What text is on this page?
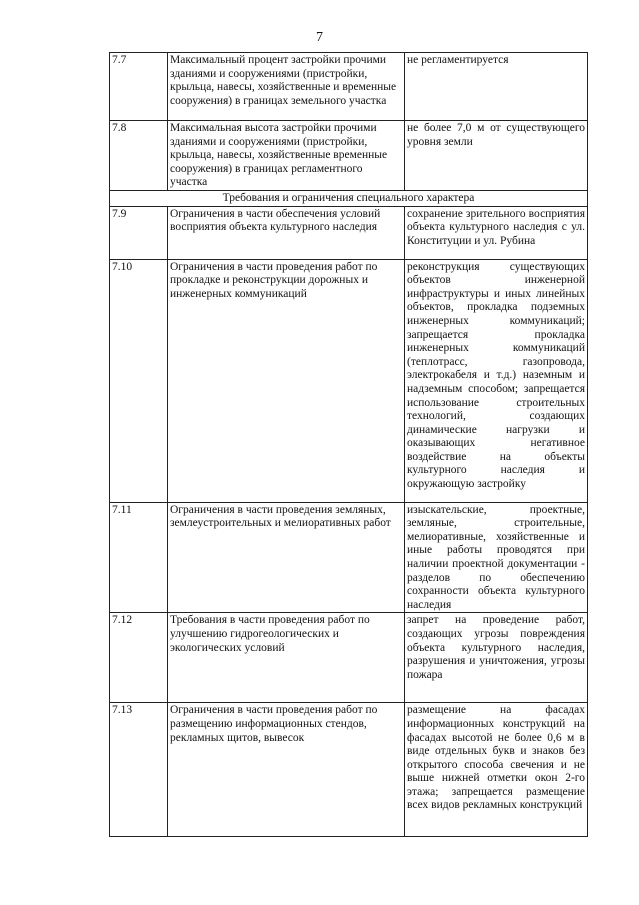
7
7.7	Максимальный процент застройки прочими зданиями и сооружениями (пристройки, крыльца, навесы, хозяйственные и временные сооружения) в границах земельного участка	не регламентируется
7.8	Максимальная высота застройки прочими зданиями и сооружениями (пристройки, крыльца, навесы, хозяйственные временные сооружения) в границах регламентного участка	не более 7,0 м от существующего уровня земли
Требования и ограничения специального характера		
7.9	Ограничения в части обеспечения условий восприятия объекта культурного наследия	сохранение зрительного восприятия объекта культурного наследия с ул. Конституции и ул. Рубина
7.10	Ограничения в части проведения работ по прокладке и реконструкции дорожных и инженерных коммуникаций	реконструкция существующих объектов инженерной инфраструктуры и иных линейных объектов, прокладка подземных инженерных коммуникаций; запрещается прокладка инженерных коммуникаций (теплотрасс, газопровода, электрокабеля и т.д.) наземным и надземным способом; запрещается использование строительных технологий, создающих динамические нагрузки и оказывающих негативное воздействие на объекты культурного наследия и окружающую застройку
7.11	Ограничения в части проведения земляных, землеустроительных и мелиоративных работ	изыскательские, проектные, земляные, строительные, мелиоративные, хозяйственные и иные работы проводятся при наличии проектной документации - разделов по обеспечению сохранности объекта культурного наследия
7.12	Требования в части проведения работ по улучшению гидрогеологических и экологических условий	запрет на проведение работ, создающих угрозы повреждения объекта культурного наследия, разрушения и уничтожения, угрозы пожара
7.13	Ограничения в части проведения работ по размещению информационных стендов, рекламных щитов, вывесок	размещение на фасадах информационных конструкций на фасадах высотой не более 0,6 м в виде отдельных букв и знаков без открытого способа свечения и не выше нижней отметки окон 2-го этажа; запрещается размещение всех видов рекламных конструкций
